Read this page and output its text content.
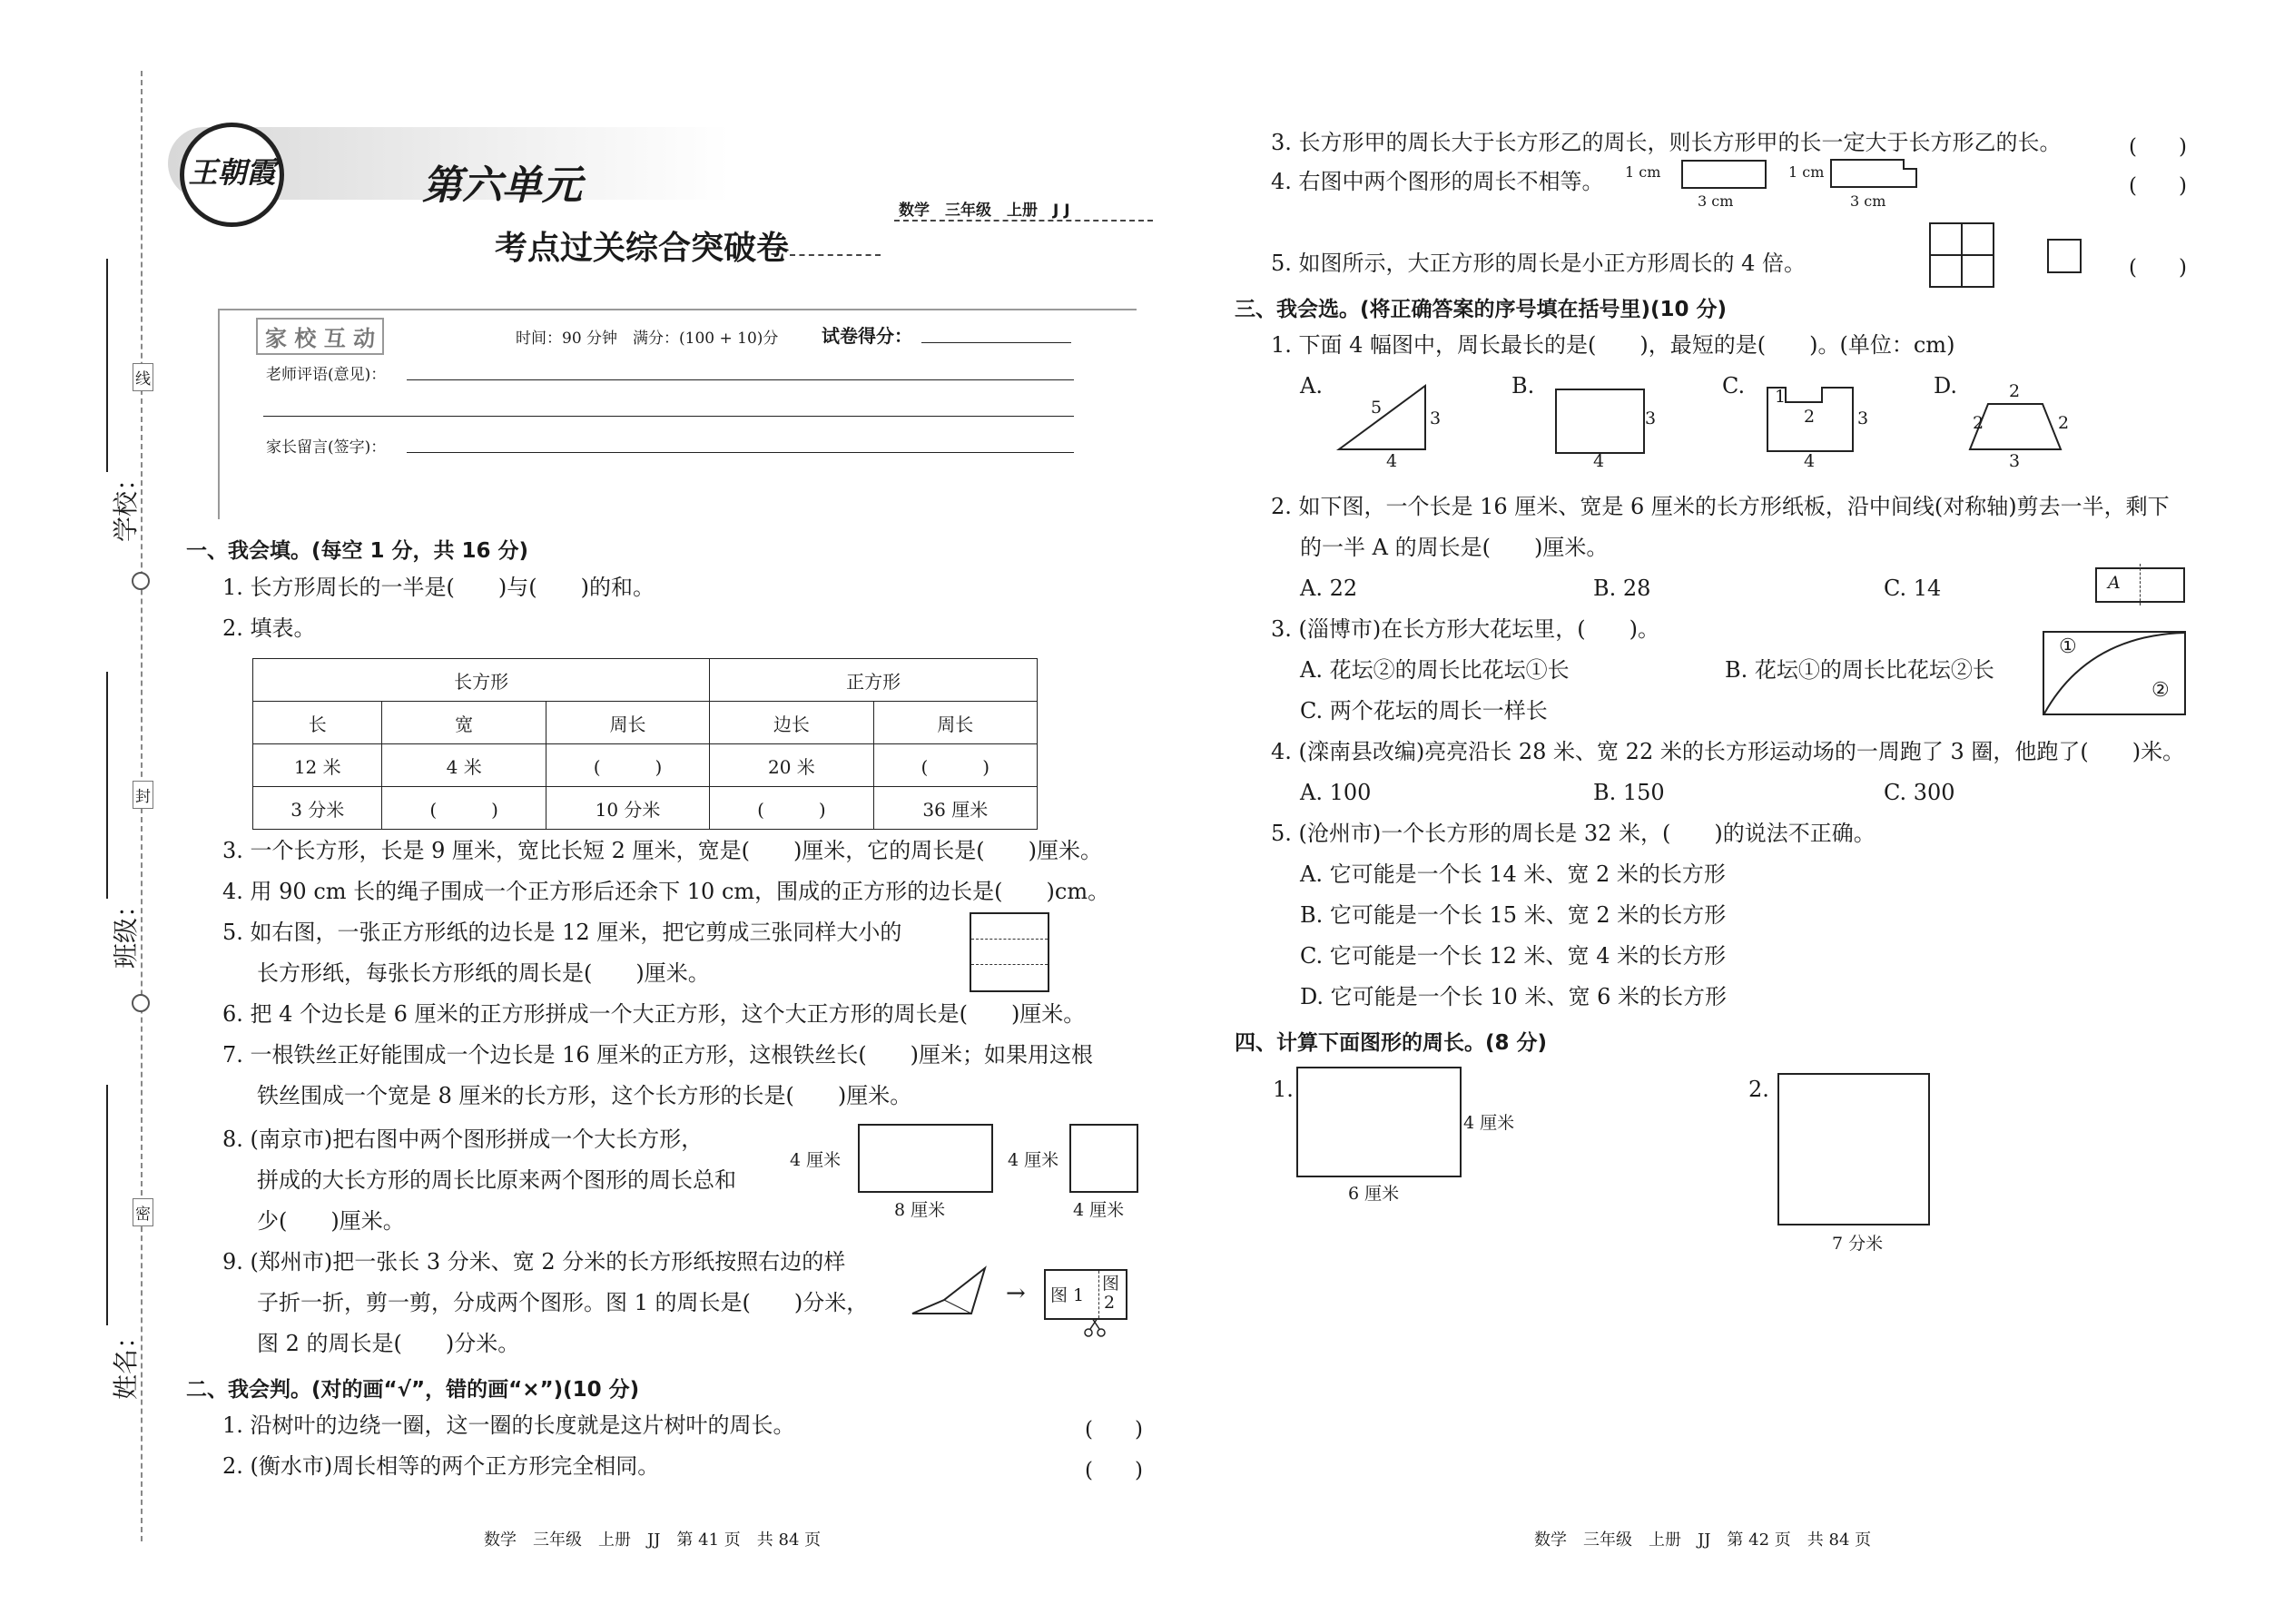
学校：
班级：
姓名：
线
封
密
王朝霞	第六单元
考点过关综合突破卷
数学　三年级　上册　J J
家 校 互 动	时间：90 分钟　满分：(100 + 10)分 试卷得分：
老师评语(意见)：
家长留言(签字)：
一、我会填。(每空 1 分，共 16 分)
1. 长方形周长的一半是(　　)与(　　)的和。
2. 填表。
长方形			正方形	
长	宽	周长	边长	周长
12 米	4 米	(　　　)	20 米	(　　　)
3 分米	(　　　)	10 分米	(　　　)	36 厘米
3. 一个长方形，长是 9 厘米，宽比长短 2 厘米，宽是(　　)厘米，它的周长是(　　)厘米。
4. 用 90 cm 长的绳子围成一个正方形后还余下 10 cm，围成的正方形的边长是(　　)cm。
5. 如右图，一张正方形纸的边长是 12 厘米，把它剪成三张同样大小的
长方形纸，每张长方形纸的周长是(　　)厘米。
6. 把 4 个边长是 6 厘米的正方形拼成一个大正方形，这个大正方形的周长是(　　)厘米。
7. 一根铁丝正好能围成一个边长是 16 厘米的正方形，这根铁丝长(　　)厘米；如果用这根
铁丝围成一个宽是 8 厘米的长方形，这个长方形的长是(　　)厘米。
8. (南京市)把右图中两个图形拼成一个大长方形，
拼成的大长方形的周长比原来两个图形的周长总和
少(　　)厘米。
4 厘米
8 厘米
4 厘米
4 厘米
9. (郑州市)把一张长 3 分米、宽 2 分米的长方形纸按照右边的样
子折一折，剪一剪，分成两个图形。图 1 的周长是(　　)分米，
图 2 的周长是(　　)分米。
→ 图 1
图
2
二、我会判。(对的画“√”，错的画“×”)(10 分)
1. 沿树叶的边绕一圈，这一圈的长度就是这片树叶的周长。	(　　)
2. (衡水市)周长相等的两个正方形完全相同。	(　　)
3. 长方形甲的周长大于长方形乙的周长，则长方形甲的长一定大于长方形乙的长。	(　　)
4. 右图中两个图形的周长不相等。 1 cm
3 cm
1 cm
3 cm
(　　)
5. 如图所示，大正方形的周长是小正方形周长的 4 倍。	(　　)
三、我会选。(将正确答案的序号填在括号里)(10 分)
1. 下面 4 幅图中，周长最长的是(　　)，最短的是(　　)。(单位：cm)
A.
5
3
4
B.
3
4
C. 1
2 3
4
D.	2
2	2
3
2. 如下图，一个长是 16 厘米、宽是 6 厘米的长方形纸板，沿中间线(对称轴)剪去一半，剩下
的一半 A 的周长是(　　)厘米。
A. 22	B. 28	C. 14	A
3. (淄博市)在长方形大花坛里，(　　)。
A. 花坛②的周长比花坛①长	B. 花坛①的周长比花坛②长
C. 两个花坛的周长一样长
①
②
4. (滦南县改编)亮亮沿长 28 米、宽 22 米的长方形运动场的一周跑了 3 圈，他跑了(　　)米。
A. 100	B. 150	C. 300
5. (沧州市)一个长方形的周长是 32 米，(　　)的说法不正确。
A. 它可能是一个长 14 米、宽 2 米的长方形
B. 它可能是一个长 15 米、宽 2 米的长方形
C. 它可能是一个长 12 米、宽 4 米的长方形
D. 它可能是一个长 10 米、宽 6 米的长方形
四、计算下面图形的周长。(8 分)
1.
4 厘米
6 厘米
2.
7 分米
数学　三年级　上册　JJ　第 41 页　共 84 页	数学　三年级　上册　JJ　第 42 页　共 84 页
